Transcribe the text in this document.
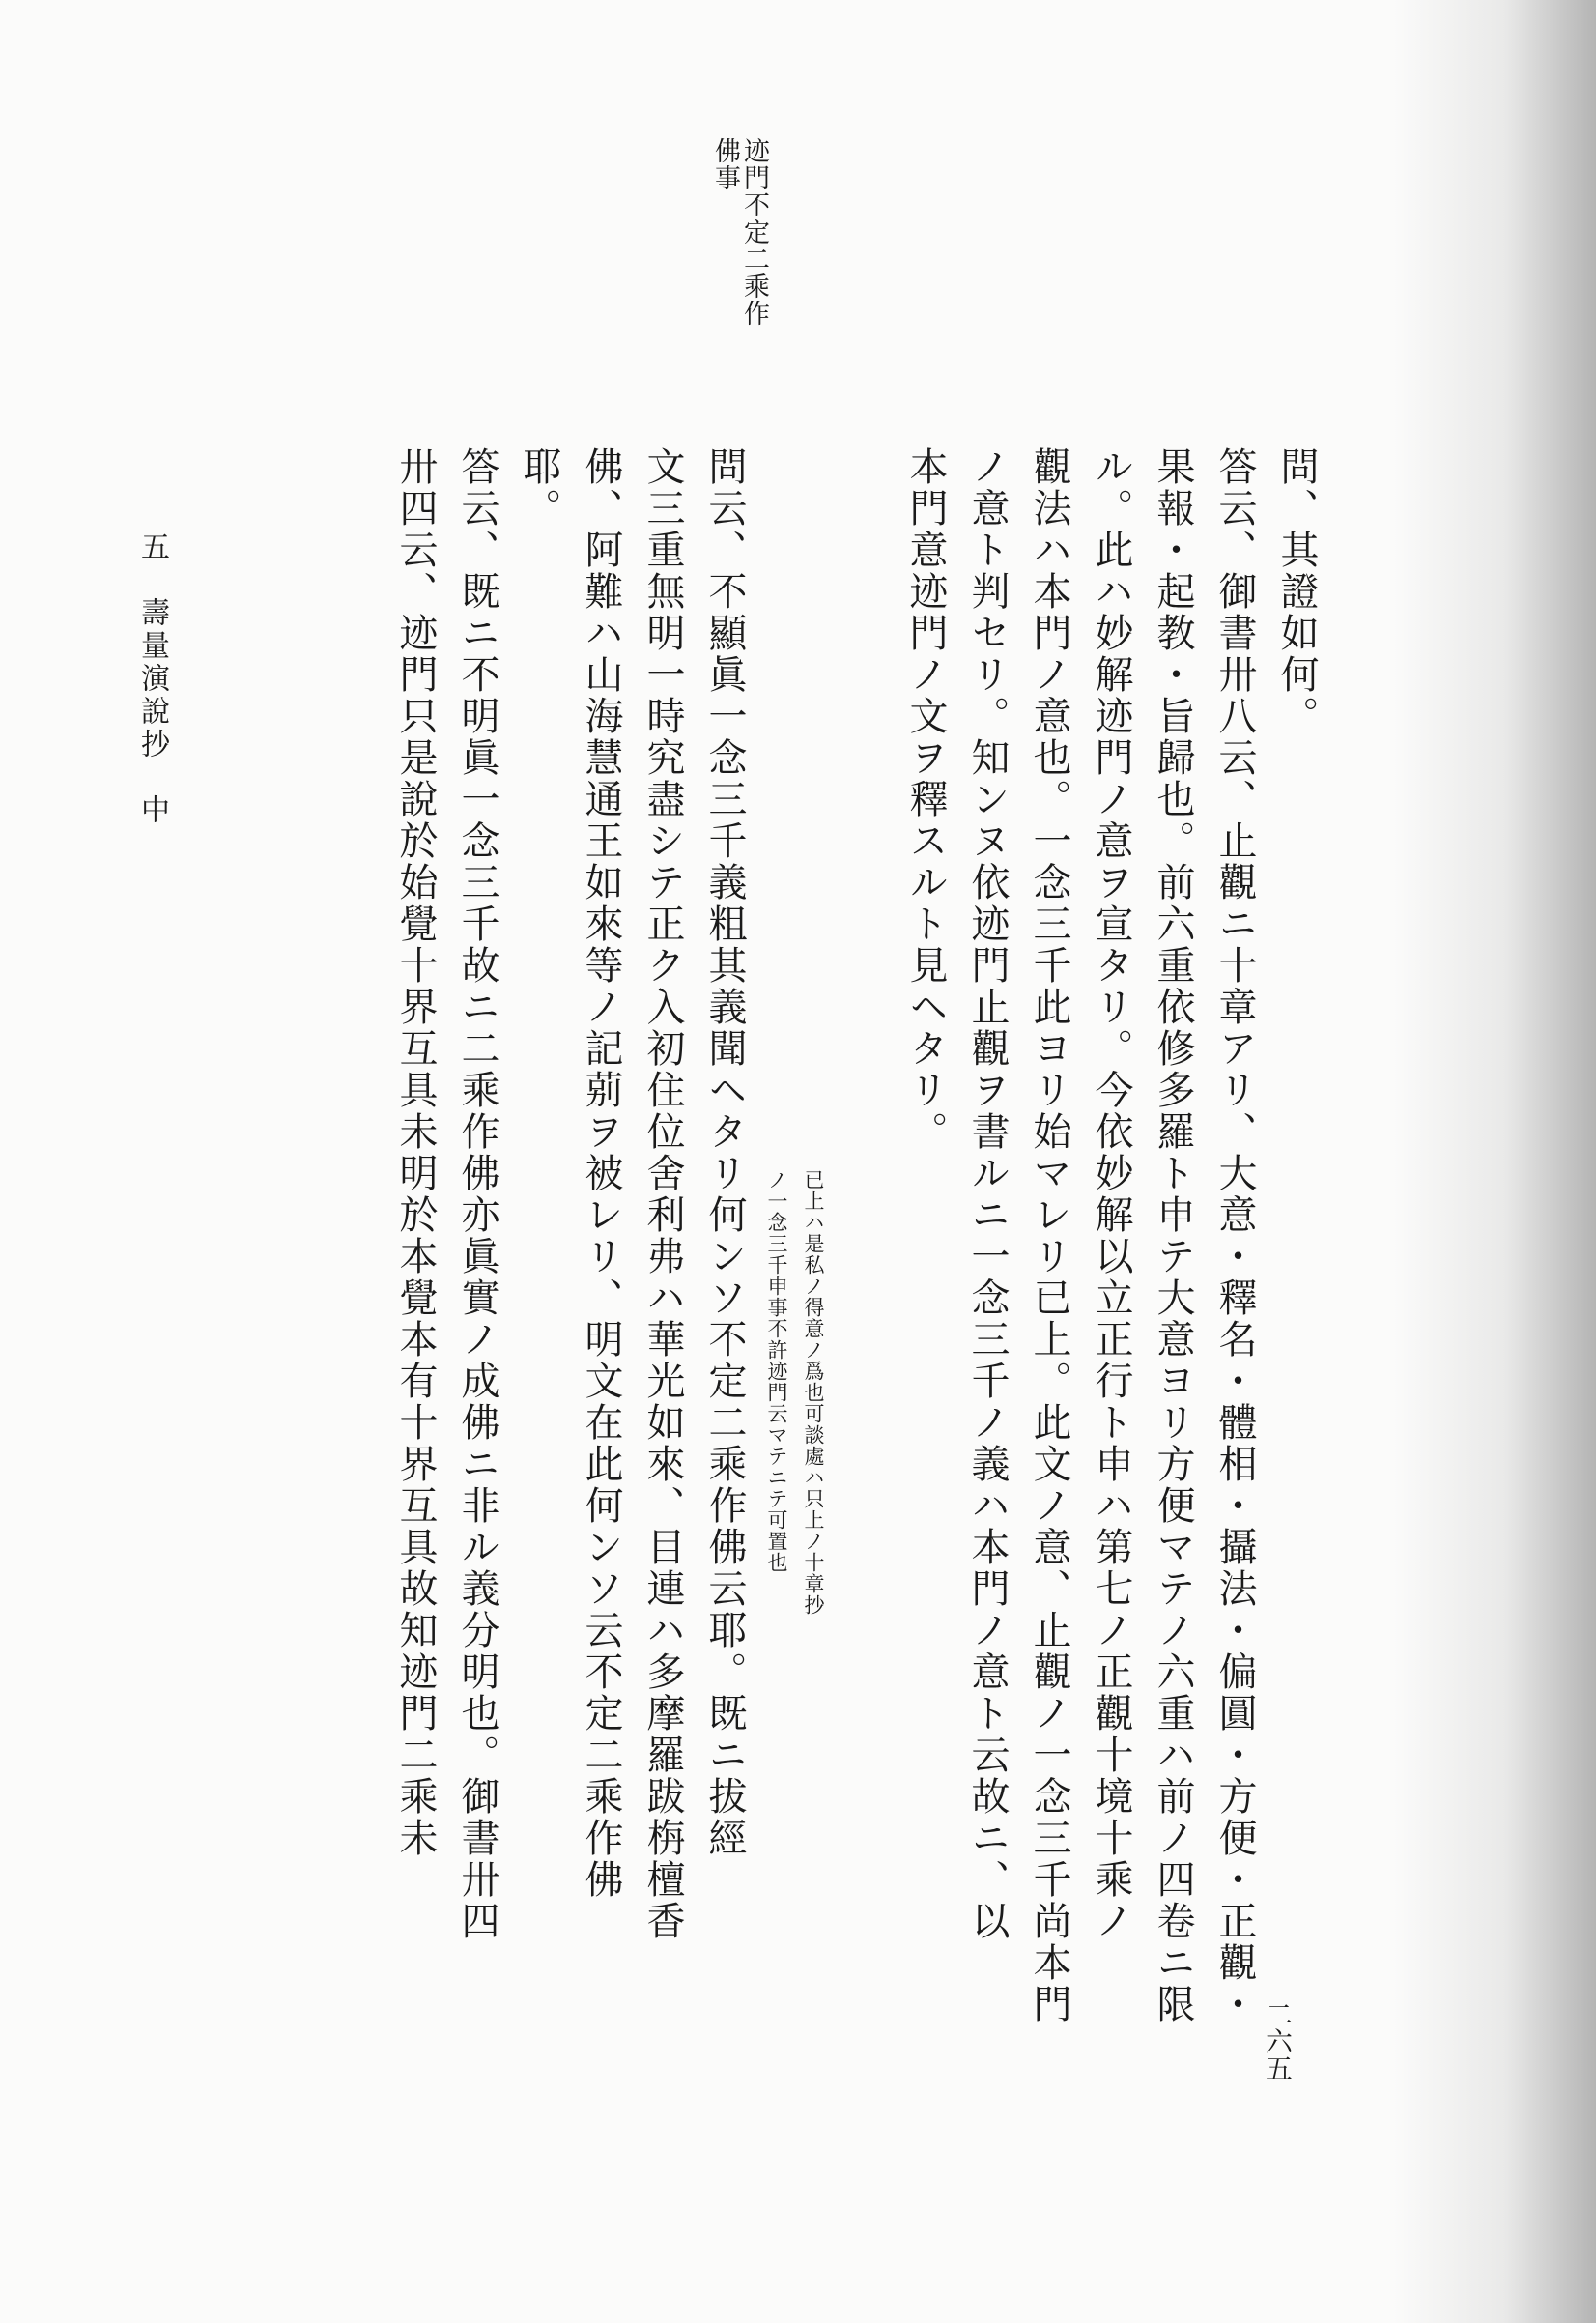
迹門不定二乘作
佛事
問、其證如何。
答云、御書卅八云、止觀ニ十章アリ、大意・釋名・體相・攝法・偏圓・方便・正觀・
果報・起教・旨歸也。前六重依修多羅ト申テ大意ヨリ方便マテノ六重ハ前ノ四卷ニ限
ル。此ハ妙解迹門ノ意ヲ宣タリ。今依妙解以立正行ト申ハ第七ノ正觀十境十乘ノ
觀法ハ本門ノ意也。一念三千此ヨリ始マレリ已上。此文ノ意、止觀ノ一念三千尚本門
ノ意ト判セリ。知ンヌ依迹門止觀ヲ書ルニ一念三千ノ義ハ本門ノ意ト云故ニ、以
本門意迹門ノ文ヲ釋スルト見ヘタリ。
已上ハ是私ノ得意ノ爲也可談處ハ只上ノ十章抄
ノ一念三千申事不許迹門云マテニテ可置也
問云、不顯眞一念三千義粗其義聞ヘタリ何ンソ不定二乘作佛云耶。既ニ拔經
文三重無明一時究盡シテ正ク入初住位舍利弗ハ華光如來、目連ハ多摩羅跋栴檀香
佛、阿難ハ山海慧通王如來等ノ記莂ヲ被レリ、明文在此何ンソ云不定二乘作佛
耶。
答云、既ニ不明眞一念三千故ニ二乘作佛亦眞實ノ成佛ニ非ル義分明也。御書卅四
卅四云、迹門只是說於始覺十界互具未明於本覺本有十界互具故知迹門二乘未
五　壽量演說抄　中
二六五
